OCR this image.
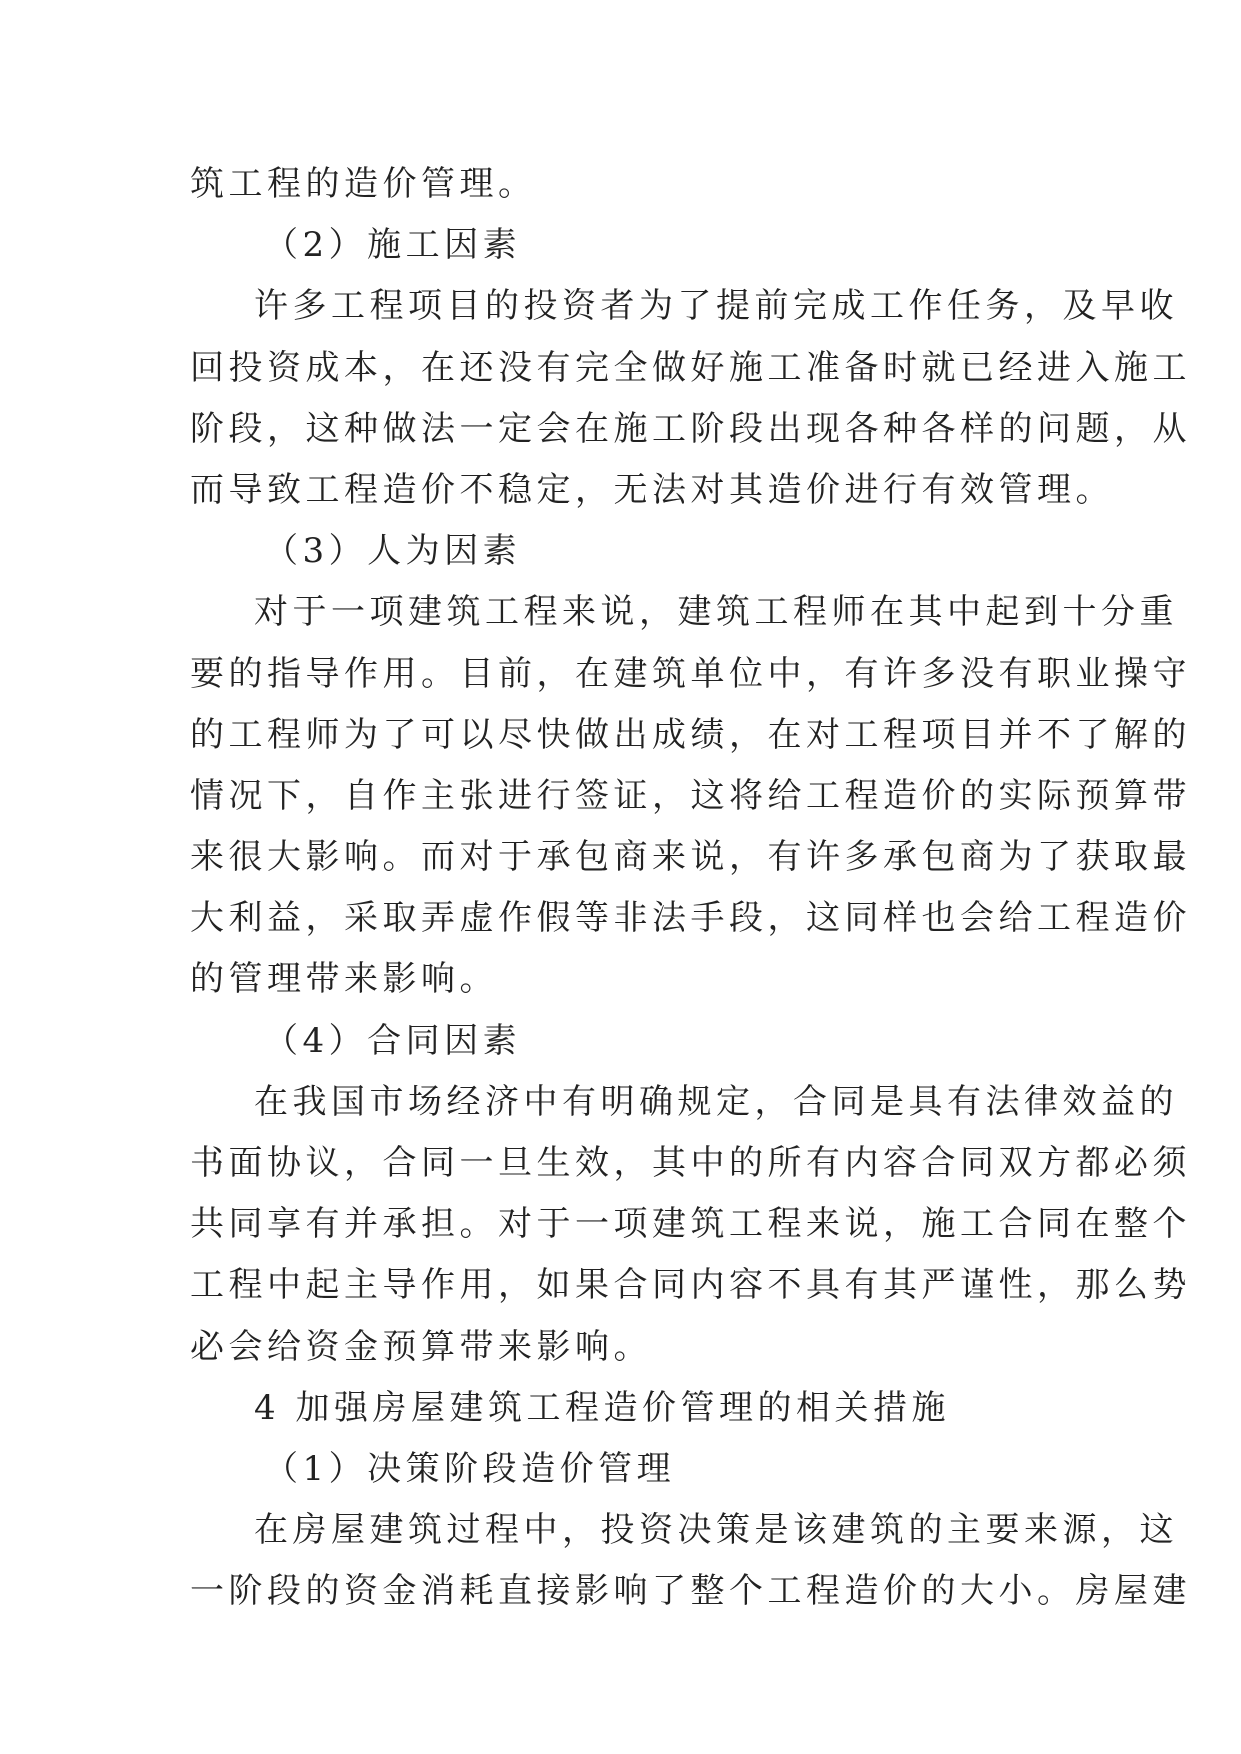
筑工程的造价管理。
（2）施工因素
许多工程项目的投资者为了提前完成工作任务，及早收
回投资成本，在还没有完全做好施工准备时就已经进入施工
阶段，这种做法一定会在施工阶段出现各种各样的问题，从
而导致工程造价不稳定，无法对其造价进行有效管理。
（3）人为因素
对于一项建筑工程来说，建筑工程师在其中起到十分重
要的指导作用。目前，在建筑单位中，有许多没有职业操守
的工程师为了可以尽快做出成绩，在对工程项目并不了解的
情况下，自作主张进行签证，这将给工程造价的实际预算带
来很大影响。而对于承包商来说，有许多承包商为了获取最
大利益，采取弄虚作假等非法手段，这同样也会给工程造价
的管理带来影响。
（4）合同因素
在我国市场经济中有明确规定，合同是具有法律效益的
书面协议，合同一旦生效，其中的所有内容合同双方都必须
共同享有并承担。对于一项建筑工程来说，施工合同在整个
工程中起主导作用，如果合同内容不具有其严谨性，那么势
必会给资金预算带来影响。
4 加强房屋建筑工程造价管理的相关措施
（1）决策阶段造价管理
在房屋建筑过程中，投资决策是该建筑的主要来源，这
一阶段的资金消耗直接影响了整个工程造价的大小。房屋建
